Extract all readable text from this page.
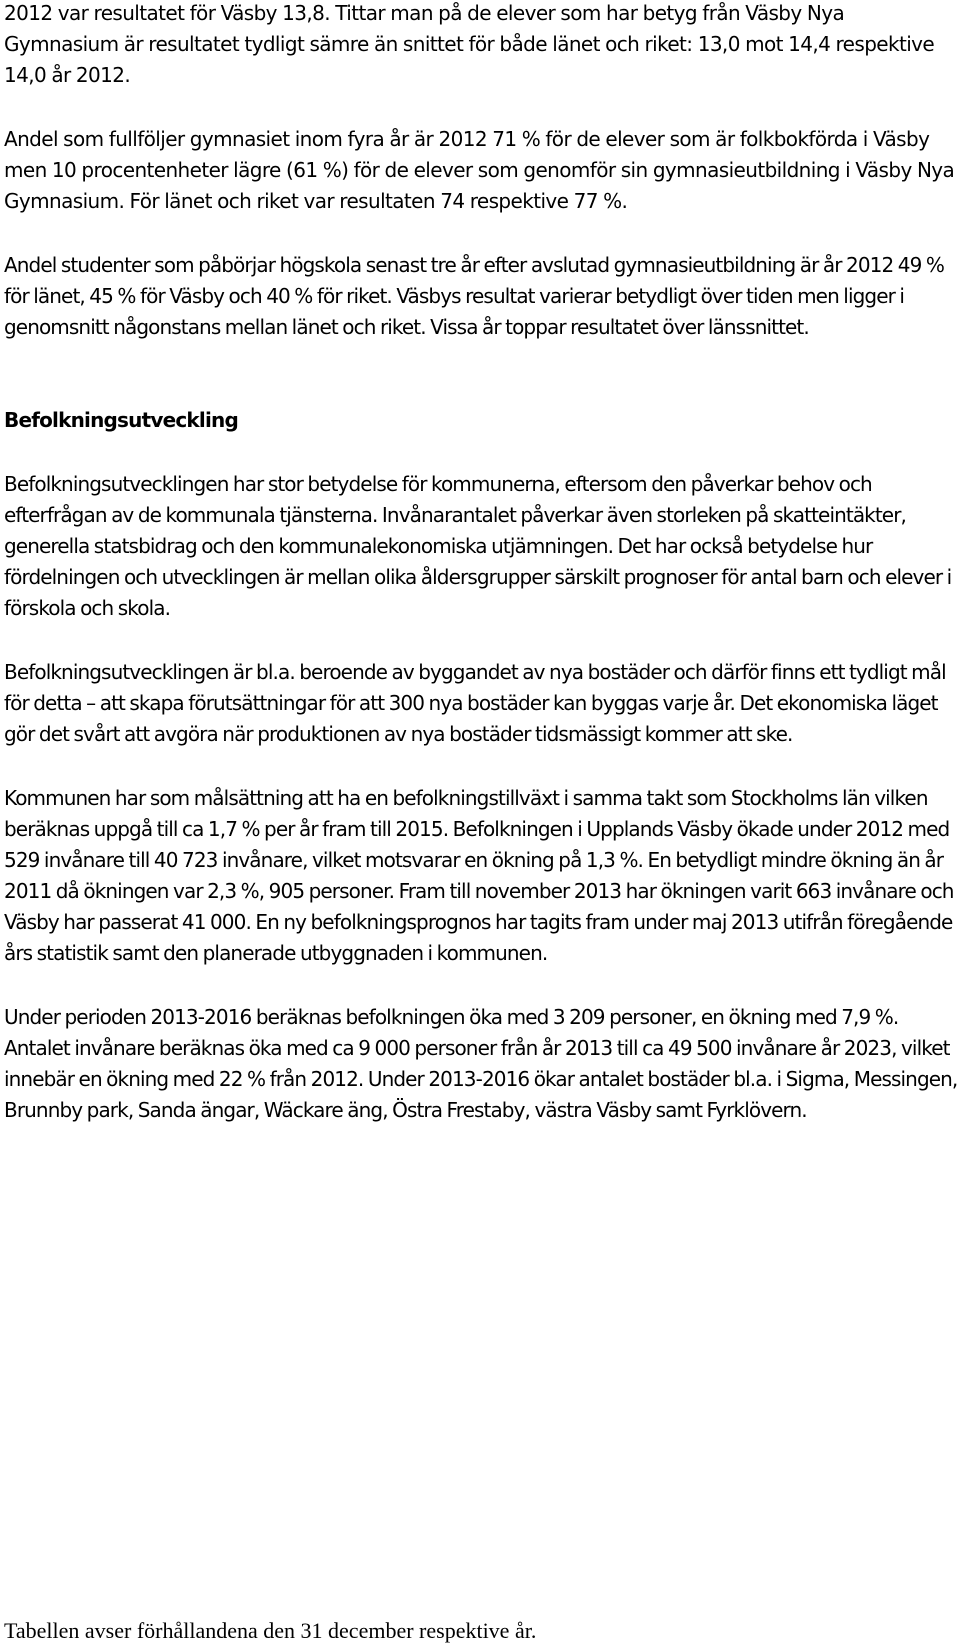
2012 var resultatet för Väsby 13,8. Tittar man på de elever som har betyg från Väsby Nya Gymnasium är resultatet tydligt sämre än snittet för både länet och riket: 13,0 mot 14,4 respektive 14,0 år 2012.

Andel som fullföljer gymnasiet inom fyra år är 2012 71 % för de elever som är folkbokförda i Väsby men 10 procentenheter lägre (61 %) för de elever som genomför sin gymnasieutbildning i Väsby Nya Gymnasium. För länet och riket var resultaten 74 respektive 77 %.

Andel studenter som påbörjar högskola senast tre år efter avslutad gymnasieutbildning är år 2012 49 % för länet, 45 % för Väsby och 40 % för riket. Väsbys resultat varierar betydligt över tiden men ligger i genomsnitt någonstans mellan länet och riket. Vissa år toppar resultatet över länssnittet.

Befolkningsutveckling

Befolkningsutvecklingen har stor betydelse för kommunerna, eftersom den påverkar behov och efterfrågan av de kommunala tjänsterna. Invånarantalet påverkar även storleken på skatteintäkter, generella statsbidrag och den kommunalekonomiska utjämningen. Det har också betydelse hur fördelningen och utvecklingen är mellan olika åldersgrupper särskilt prognoser för antal barn och elever i förskola och skola.

Befolkningsutvecklingen är bl.a. beroende av byggandet av nya bostäder och därför finns ett tydligt mål för detta – att skapa förutsättningar för att 300 nya bostäder kan byggas varje år. Det ekonomiska läget gör det svårt att avgöra när produktionen av nya bostäder tidsmässigt kommer att ske.

Kommunen har som målsättning att ha en befolkningstillväxt i samma takt som Stockholms län vilken beräknas uppgå till ca 1,7 % per år fram till 2015. Befolkningen i Upplands Väsby ökade under 2012 med 529 invånare till 40 723 invånare, vilket motsvarar en ökning på 1,3 %. En betydligt mindre ökning än år 2011 då ökningen var 2,3 %, 905 personer. Fram till november 2013 har ökningen varit 663 invånare och Väsby har passerat 41 000. En ny befolkningsprognos har tagits fram under maj 2013 utifrån föregående års statistik samt den planerade utbyggnaden i kommunen.

Under perioden 2013-2016 beräknas befolkningen öka med 3 209 personer, en ökning med 7,9 %. Antalet invånare beräknas öka med ca 9 000 personer från år 2013 till ca 49 500 invånare år 2023, vilket innebär en ökning med 22 % från 2012. Under 2013-2016 ökar antalet bostäder bl.a. i Sigma, Messingen, Brunnby park, Sanda ängar, Wäckare äng, Östra Frestaby, västra Väsby samt Fyrklövern.

Tabellen avser förhållandena den 31 december respektive år.
